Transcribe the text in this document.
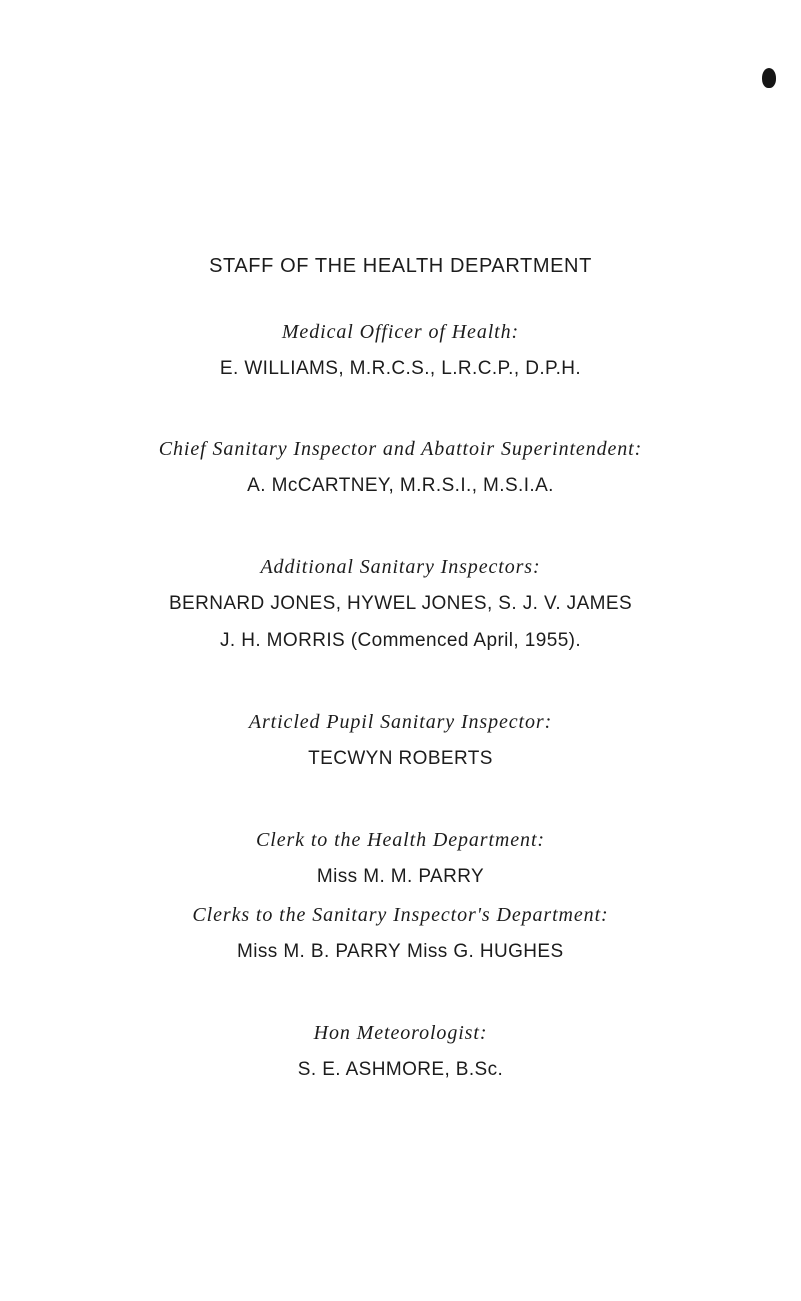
STAFF OF THE HEALTH DEPARTMENT
Medical Officer of Health:
E. WILLIAMS, M.R.C.S., L.R.C.P., D.P.H.
Chief Sanitary Inspector and Abattoir Superintendent:
A. McCARTNEY, M.R.S.I., M.S.I.A.
Additional Sanitary Inspectors:
BERNARD JONES, HYWEL JONES, S. J. V. JAMES
J. H. MORRIS (Commenced April, 1955).
Articled Pupil Sanitary Inspector:
TECWYN ROBERTS
Clerk to the Health Department:
Miss M. M. PARRY
Clerks to the Sanitary Inspector's Department:
Miss M. B. PARRY Miss G. HUGHES
Hon Meteorologist:
S. E. ASHMORE, B.Sc.
